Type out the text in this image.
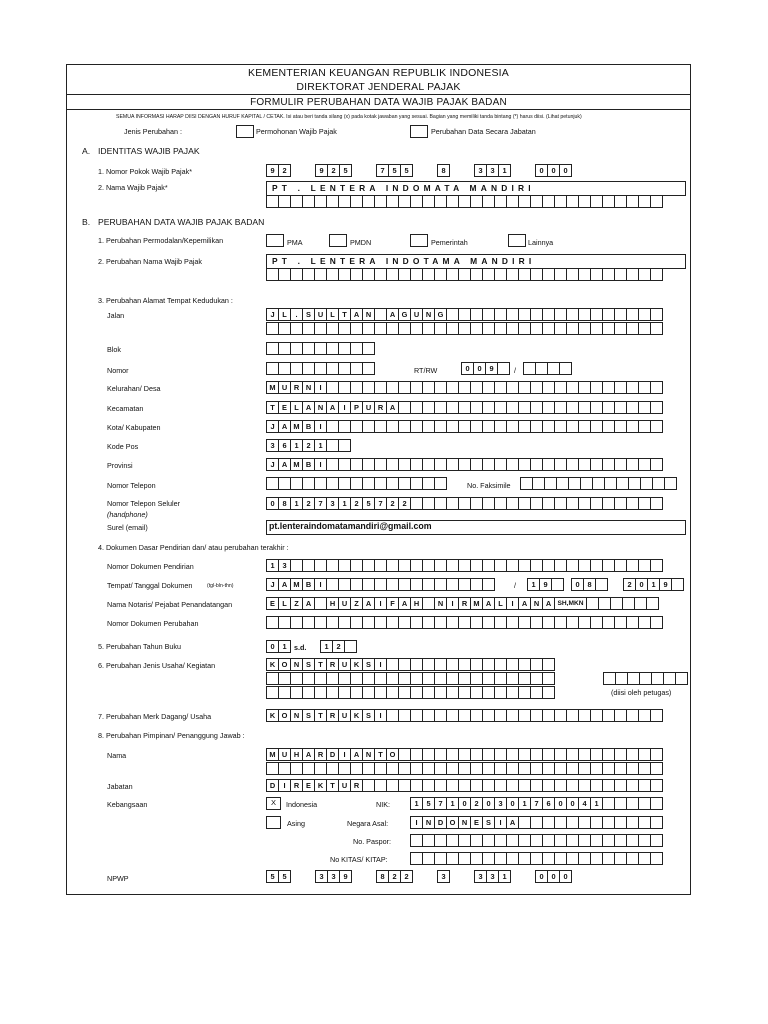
KEMENTERIAN KEUANGAN REPUBLIK INDONESIA
DIREKTORAT JENDERAL PAJAK
FORMULIR PERUBAHAN DATA WAJIB PAJAK BADAN
SEMUA INFORMASI HARAP DIISI DENGAN HURUF KAPITAL / CETAK. Isi atau beri tanda silang (x) pada kotak jawaban yang sesuai. Bagian yang memiliki tanda bintang (*) harus diisi. (Lihat petunjuk)
Jenis Perubahan :	Permohonan Wajib Pajak	Perubahan Data Secara Jabatan
A. IDENTITAS WAJIB PAJAK
1. Nomor Pokok Wajib Pajak*	9	2	9	2	5	7	5	5	8	3	3	1	0	0	0
2. Nama Wajib Pajak*	PT . LENTERA INDOMATA MANDIRI
B. PERUBAHAN DATA WAJIB PAJAK BADAN
1. Perubahan Permodalan/Kepemilikan	PMA	PMDN	Pemerintah	Lainnya
2. Perubahan Nama Wajib Pajak	PT . LENTERA INDOTAMA MANDIRI
3. Perubahan Alamat Tempat Kedudukan :
Jalan	J	L	.	S U L	T A N	A G U N G
Blok
Nomor	RT/RW	0	0	9	/
Kelurahan/ Desa	M U R N	I
Kecamatan	T E L A N A	I	P U R A
Kota/ Kabupaten	J A M B	I
Kode Pos	3	6	1	2	1
Provinsi	J A M B	I
Nomor Telepon	No. Faksimile
Nomor Telepon Seluler
(handphone)
0	8	1	2	7	3	1	2	5	7	2	2
Surel (email)	pt.lenteraindomatamandiri@gmail.com
4. Dokumen Dasar Pendirian dan/ atau perubahan terakhir :
Nomor Dokumen Pendirian	1	3
Tempat/ Tanggal Dokumen	(tgl-bln-thn)	J A M B	I	/	1	9	0	8	2	0	1	9
Nama Notaris/ Pejabat Penandatangan	E L	Z A	H U Z A	I	F A H	N	I	R M A L	I	A N A SH,MKN
Nomor Dokumen Perubahan
5. Perubahan Tahun Buku	0	1	s.d.	1	2
6. Perubahan Jenis Usaha/ Kegiatan	K O N S T R U K S	I
(diisi oleh petugas)
7. Perubahan Merk Dagang/ Usaha	K O N S T R U K S	I
8. Perubahan Pimpinan/ Penanggung Jawab :
Nama	M U H A R D	I	A N T O
Jabatan	D	I	R E K T U R
Kebangsaan	X	Indonesia	NIK:	1	5	7	1	0	2	0	3	0	1	7	6	0	0	4	1
Asing	Negara Asal:	I	N D O N E S	I	A
No. Paspor:
No KITAS/ KITAP:
NPWP	5	5	3	3	9	8	2	2	3	3	3	1	0	0	0
